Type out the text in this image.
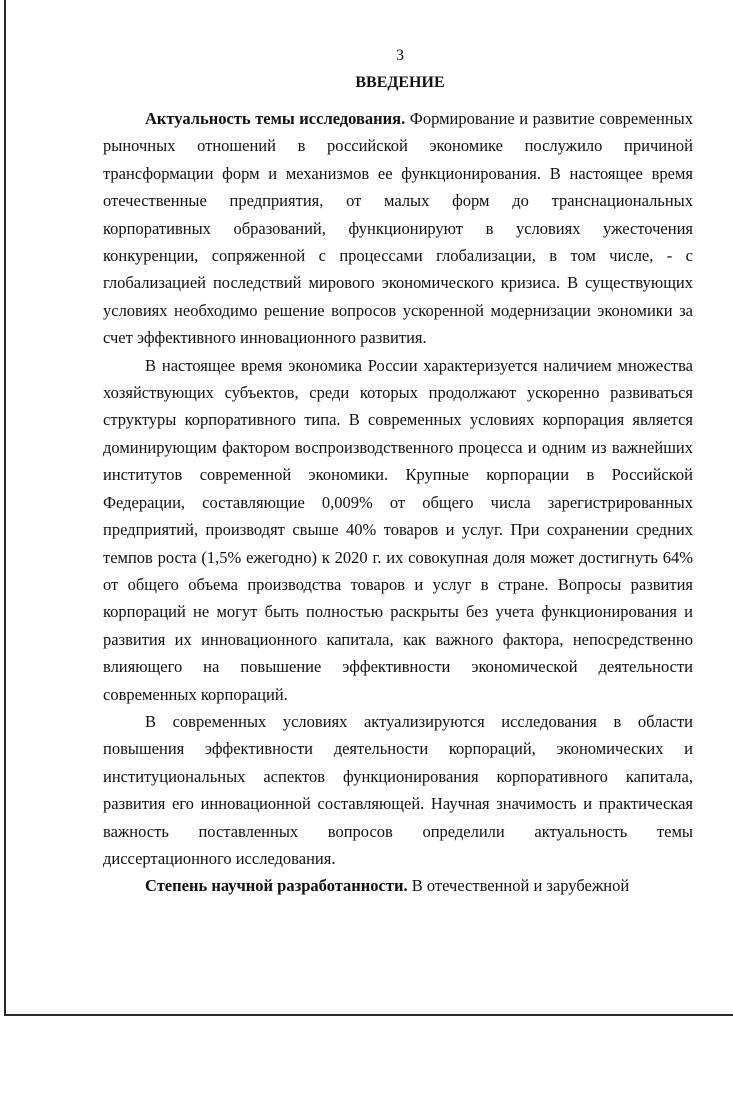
3
ВВЕДЕНИЕ

Актуальность темы исследования. Формирование и развитие современных рыночных отношений в российской экономике послужило причиной трансформации форм и механизмов ее функционирования. В настоящее время отечественные предприятия, от малых форм до транснациональных корпоративных образований, функционируют в условиях ужесточения конкуренции, сопряженной с процессами глобализации, в том числе, - с глобализацией последствий мирового экономического кризиса. В существующих условиях необходимо решение вопросов ускоренной модернизации экономики за счет эффективного инновационного развития.

В настоящее время экономика России характеризуется наличием множества хозяйствующих субъектов, среди которых продолжают ускоренно развиваться структуры корпоративного типа. В современных условиях корпорация является доминирующим фактором воспроизводственного процесса и одним из важнейших институтов современной экономики. Крупные корпорации в Российской Федерации, составляющие 0,009% от общего числа зарегистрированных предприятий, производят свыше 40% товаров и услуг. При сохранении средних темпов роста (1,5% ежегодно) к 2020 г. их совокупная доля может достигнуть 64% от общего объема производства товаров и услуг в стране. Вопросы развития корпораций не могут быть полностью раскрыты без учета функционирования и развития их инновационного капитала, как важного фактора, непосредственно влияющего на повышение эффективности экономической деятельности современных корпораций.

В современных условиях актуализируются исследования в области повышения эффективности деятельности корпораций, экономических и институциональных аспектов функционирования корпоративного капитала, развития его инновационной составляющей. Научная значимость и практическая важность поставленных вопросов определили актуальность темы диссертационного исследования.

Степень научной разработанности. В отечественной и зарубежной
